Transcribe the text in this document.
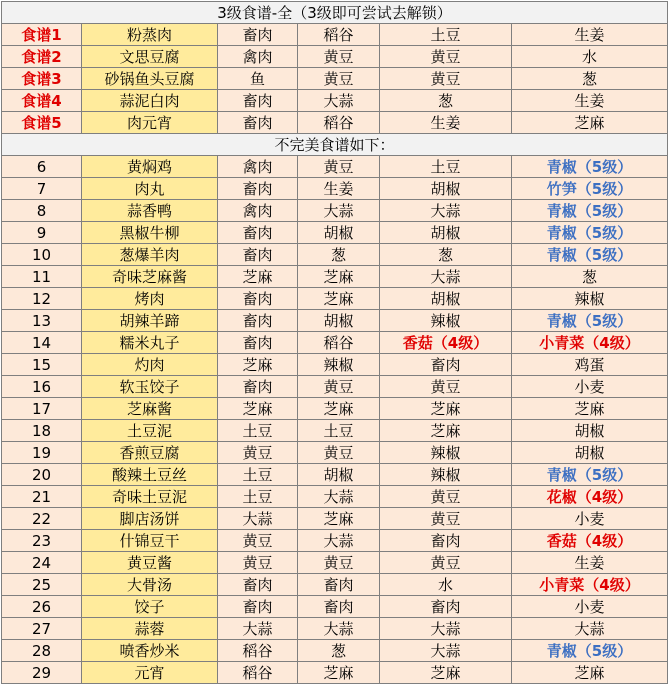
3级食谱-全（3级即可尝试去解锁）					
食谱1	粉蒸肉	畜肉	稻谷	土豆	生姜
食谱2	文思豆腐	禽肉	黄豆	黄豆	水
食谱3	砂锅鱼头豆腐	鱼	黄豆	黄豆	葱
食谱4	蒜泥白肉	畜肉	大蒜	葱	生姜
食谱5	肉元宵	畜肉	稻谷	生姜	芝麻
不完美食谱如下：					
6	黄焖鸡	禽肉	黄豆	土豆	青椒（5级）
7	肉丸	畜肉	生姜	胡椒	竹笋（5级）
8	蒜香鸭	禽肉	大蒜	大蒜	青椒（5级）
9	黑椒牛柳	畜肉	胡椒	胡椒	青椒（5级）
10	葱爆羊肉	畜肉	葱	葱	青椒（5级）
11	奇味芝麻酱	芝麻	芝麻	大蒜	葱
12	烤肉	畜肉	芝麻	胡椒	辣椒
13	胡辣羊蹄	畜肉	胡椒	辣椒	青椒（5级）
14	糯米丸子	畜肉	稻谷	香菇（4级）	小青菜（4级）
15	灼肉	芝麻	辣椒	畜肉	鸡蛋
16	软玉饺子	畜肉	黄豆	黄豆	小麦
17	芝麻酱	芝麻	芝麻	芝麻	芝麻
18	土豆泥	土豆	土豆	芝麻	胡椒
19	香煎豆腐	黄豆	黄豆	辣椒	胡椒
20	酸辣土豆丝	土豆	胡椒	辣椒	青椒（5级）
21	奇味土豆泥	土豆	大蒜	黄豆	花椒（4级）
22	脚店汤饼	大蒜	芝麻	黄豆	小麦
23	什锦豆干	黄豆	大蒜	畜肉	香菇（4级）
24	黄豆酱	黄豆	黄豆	黄豆	生姜
25	大骨汤	畜肉	畜肉	水	小青菜（4级）
26	饺子	畜肉	畜肉	畜肉	小麦
27	蒜蓉	大蒜	大蒜	大蒜	大蒜
28	喷香炒米	稻谷	葱	大蒜	青椒（5级）
29	元宵	稻谷	芝麻	芝麻	芝麻
